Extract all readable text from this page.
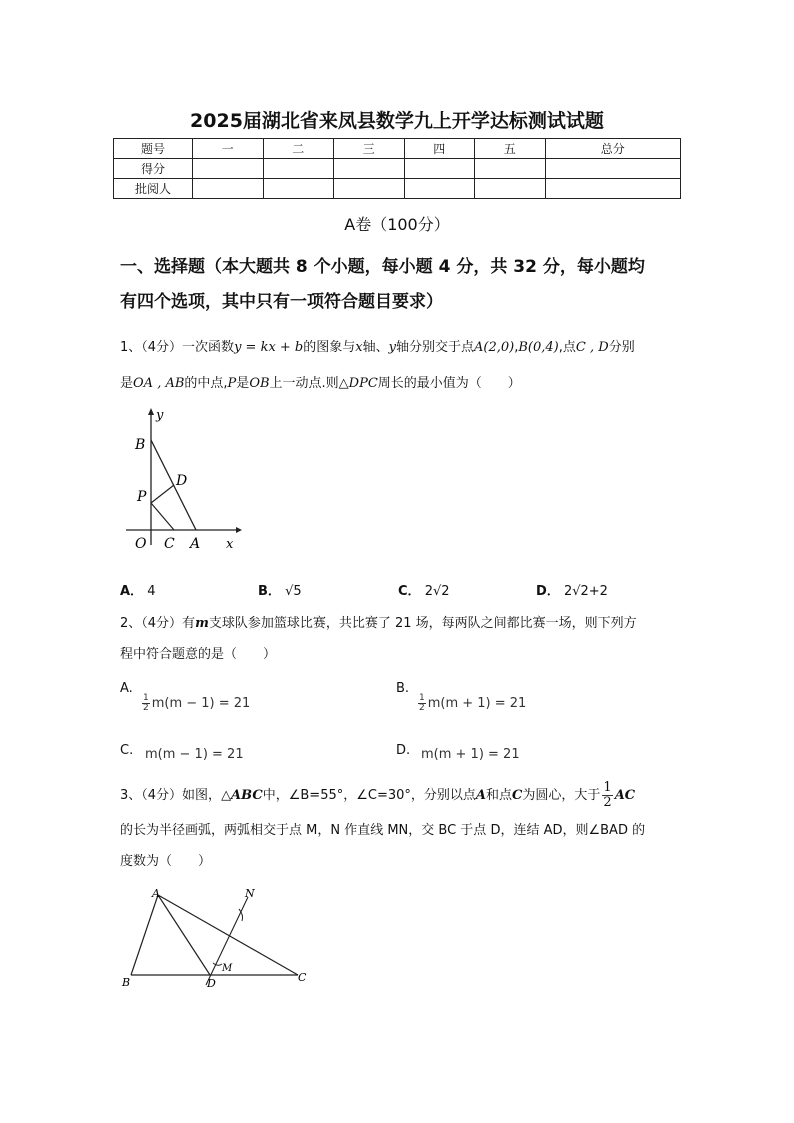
2025届湖北省来凤县数学九上开学达标测试试题
题号	一	二	三	四	五	总分
得分						
批阅人						
A卷（100分）
一、选择题（本大题共 8 个小题，每小题 4 分，共 32 分，每小题均
有四个选项，其中只有一项符合题目要求）
1、（4分）一次函数y = kx + b的图象与x轴、y轴分别交于点A(2,0),B(0,4),点C , D分别
是OA , AB的中点,P是OB上一动点.则△DPC周长的最小值为（　　）
y
B
D
P
O C A x
A． 4	B． √5	C． 2√2	D． 2√2+2
2、（4分）有m支球队参加篮球比赛，共比赛了 21 场，每两队之间都比赛一场，则下列方
程中符合题意的是（　　）
A.
$\frac{1}{2} m(m - 1) = 21$
B.
$\frac{1}{2} m(m + 1) = 21$
C. m(m − 1) = 21	D. m(m + 1) = 21
3、（4分）如图，△ABC中，∠B=55°，∠C=30°，分别以点A和点C为圆心，大于 $\frac{1}{2}$ AC
的长为半径画弧，两弧相交于点 M，N 作直线 MN，交 BC 于点 D，连结 AD，则∠BAD 的
度数为（　　）
A	N
M
B	D	C
